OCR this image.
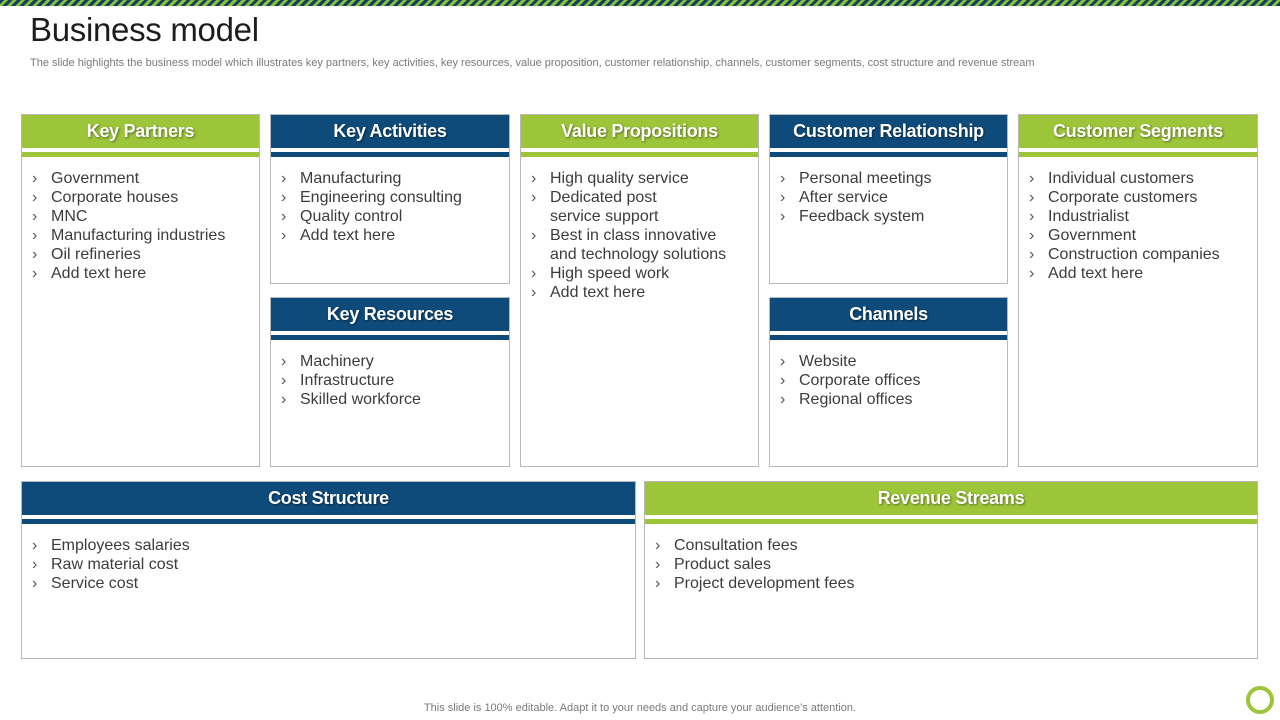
Business model
The slide highlights the business model which illustrates key partners, key activities, key resources, value proposition, customer relationship, channels, customer segments, cost structure and revenue stream
Key Partners
› Government
› Corporate houses
› MNC
› Manufacturing industries
› Oil refineries
› Add text here
Key Activities
› Manufacturing
› Engineering consulting
› Quality control
› Add text here
Key Resources
› Machinery
› Infrastructure
› Skilled workforce
Value Propositions
› High quality service
› Dedicated post service support
› Best in class innovative and technology solutions
› High speed work
› Add text here
Customer Relationship
› Personal meetings
› After service
› Feedback system
Channels
› Website
› Corporate offices
› Regional offices
Customer Segments
› Individual customers
› Corporate customers
› Industrialist
› Government
› Construction companies
› Add text here
Cost Structure
› Employees salaries
› Raw material cost
› Service cost
Revenue Streams
› Consultation fees
› Product sales
› Project development fees
This slide is 100% editable. Adapt it to your needs and capture your audience’s attention.
